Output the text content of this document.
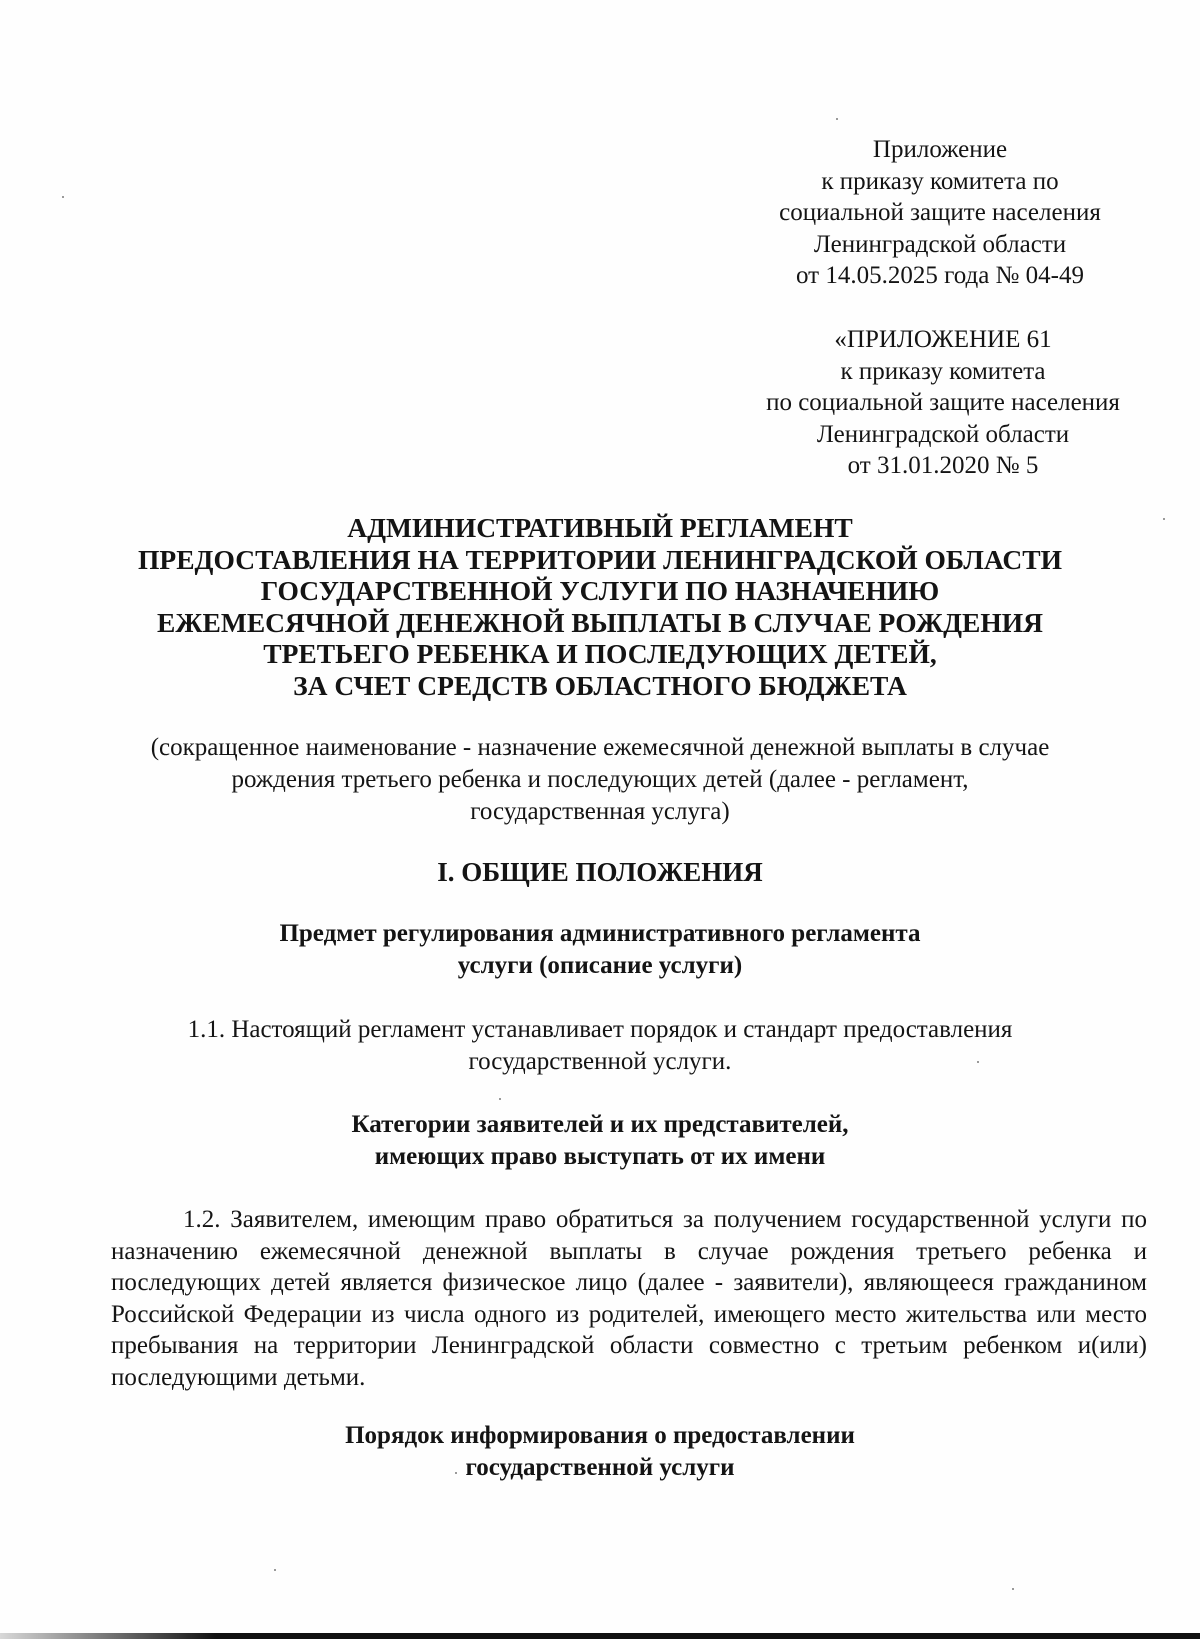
Приложение
к приказу комитета по
социальной защите населения
Ленинградской области
от 14.05.2025 года № 04-49
«ПРИЛОЖЕНИЕ 61
к приказу комитета
по социальной защите населения
Ленинградской области
от 31.01.2020 № 5
АДМИНИСТРАТИВНЫЙ РЕГЛАМЕНТ
ПРЕДОСТАВЛЕНИЯ НА ТЕРРИТОРИИ ЛЕНИНГРАДСКОЙ ОБЛАСТИ
ГОСУДАРСТВЕННОЙ УСЛУГИ ПО НАЗНАЧЕНИЮ
ЕЖЕМЕСЯЧНОЙ ДЕНЕЖНОЙ ВЫПЛАТЫ В СЛУЧАЕ РОЖДЕНИЯ
ТРЕТЬЕГО РЕБЕНКА И ПОСЛЕДУЮЩИХ ДЕТЕЙ,
ЗА СЧЕТ СРЕДСТВ ОБЛАСТНОГО БЮДЖЕТА
(сокращенное наименование - назначение ежемесячной денежной выплаты в случае
рождения третьего ребенка и последующих детей (далее - регламент,
государственная услуга)
I. ОБЩИЕ ПОЛОЖЕНИЯ
Предмет регулирования административного регламента
услуги (описание услуги)
1.1. Настоящий регламент устанавливает порядок и стандарт предоставления
государственной услуги.
Категории заявителей и их представителей,
имеющих право выступать от их имени
1.2. Заявителем, имеющим право обратиться за получением государственной услуги по назначению ежемесячной денежной выплаты в случае рождения третьего ребенка и последующих детей является физическое лицо (далее - заявители), являющееся гражданином Российской Федерации из числа одного из родителей, имеющего место жительства или место пребывания на территории Ленинградской области совместно с третьим ребенком и(или) последующими детьми.
Порядок информирования о предоставлении
государственной услуги
